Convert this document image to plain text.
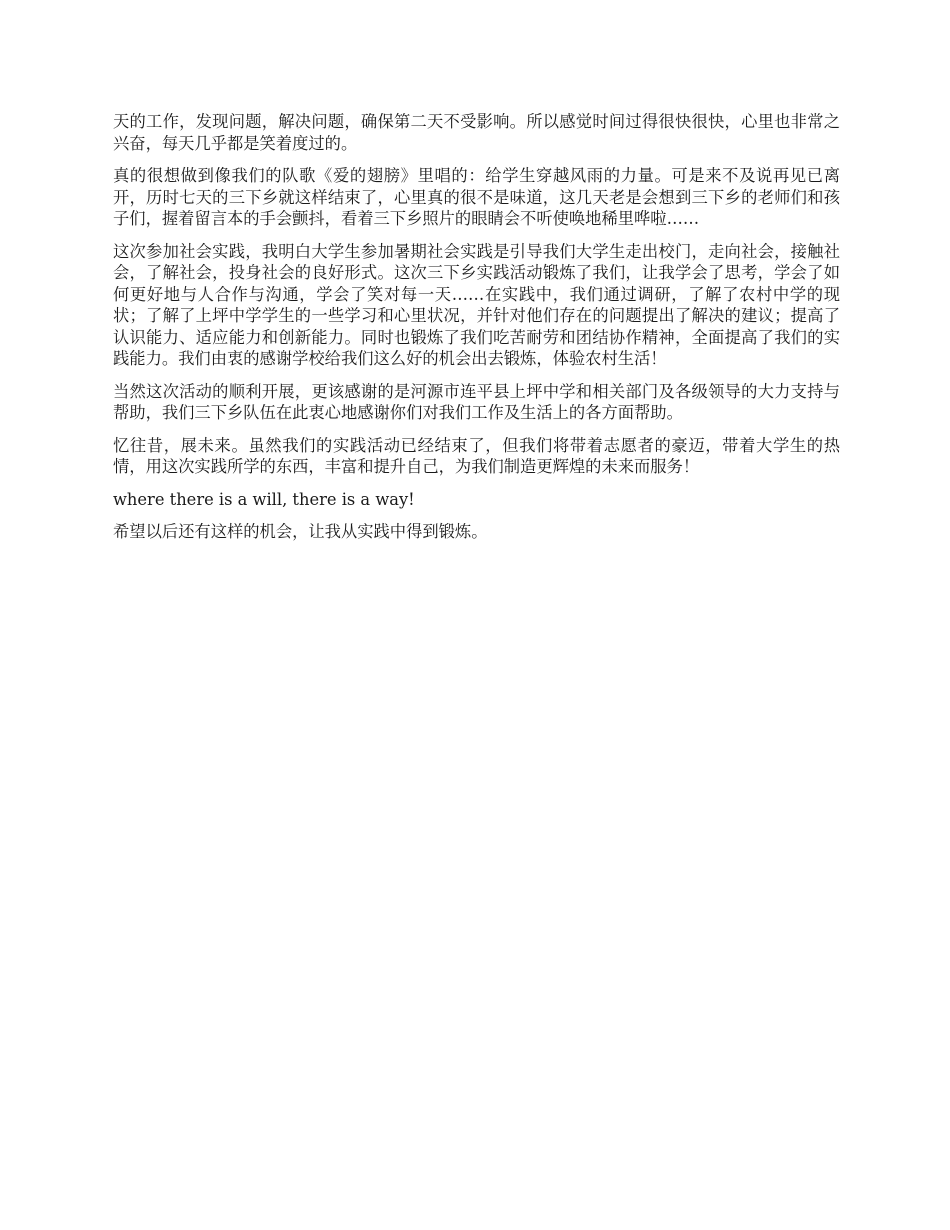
天的工作，发现问题，解决问题，确保第二天不受影响。所以感觉时间过得很快很快，心里也非常之兴奋，每天几乎都是笑着度过的。

真的很想做到像我们的队歌《爱的翅膀》里唱的：给学生穿越风雨的力量。可是来不及说再见已离开，历时七天的三下乡就这样结束了，心里真的很不是味道，这几天老是会想到三下乡的老师们和孩子们，握着留言本的手会颤抖，看着三下乡照片的眼睛会不听使唤地稀里哗啦……

这次参加社会实践，我明白大学生参加暑期社会实践是引导我们大学生走出校门，走向社会，接触社会，了解社会，投身社会的良好形式。这次三下乡实践活动锻炼了我们，让我学会了思考，学会了如何更好地与人合作与沟通，学会了笑对每一天……在实践中，我们通过调研，了解了农村中学的现状；了解了上坪中学学生的一些学习和心里状况，并针对他们存在的问题提出了解决的建议；提高了认识能力、适应能力和创新能力。同时也锻炼了我们吃苦耐劳和团结协作精神，全面提高了我们的实践能力。我们由衷的感谢学校给我们这么好的机会出去锻炼，体验农村生活！

当然这次活动的顺利开展，更该感谢的是河源市连平县上坪中学和相关部门及各级领导的大力支持与帮助，我们三下乡队伍在此衷心地感谢你们对我们工作及生活上的各方面帮助。

忆往昔，展未来。虽然我们的实践活动已经结束了，但我们将带着志愿者的豪迈，带着大学生的热情，用这次实践所学的东西，丰富和提升自己，为我们制造更辉煌的未来而服务！

where there is a will, there is a way!

希望以后还有这样的机会，让我从实践中得到锻炼。
